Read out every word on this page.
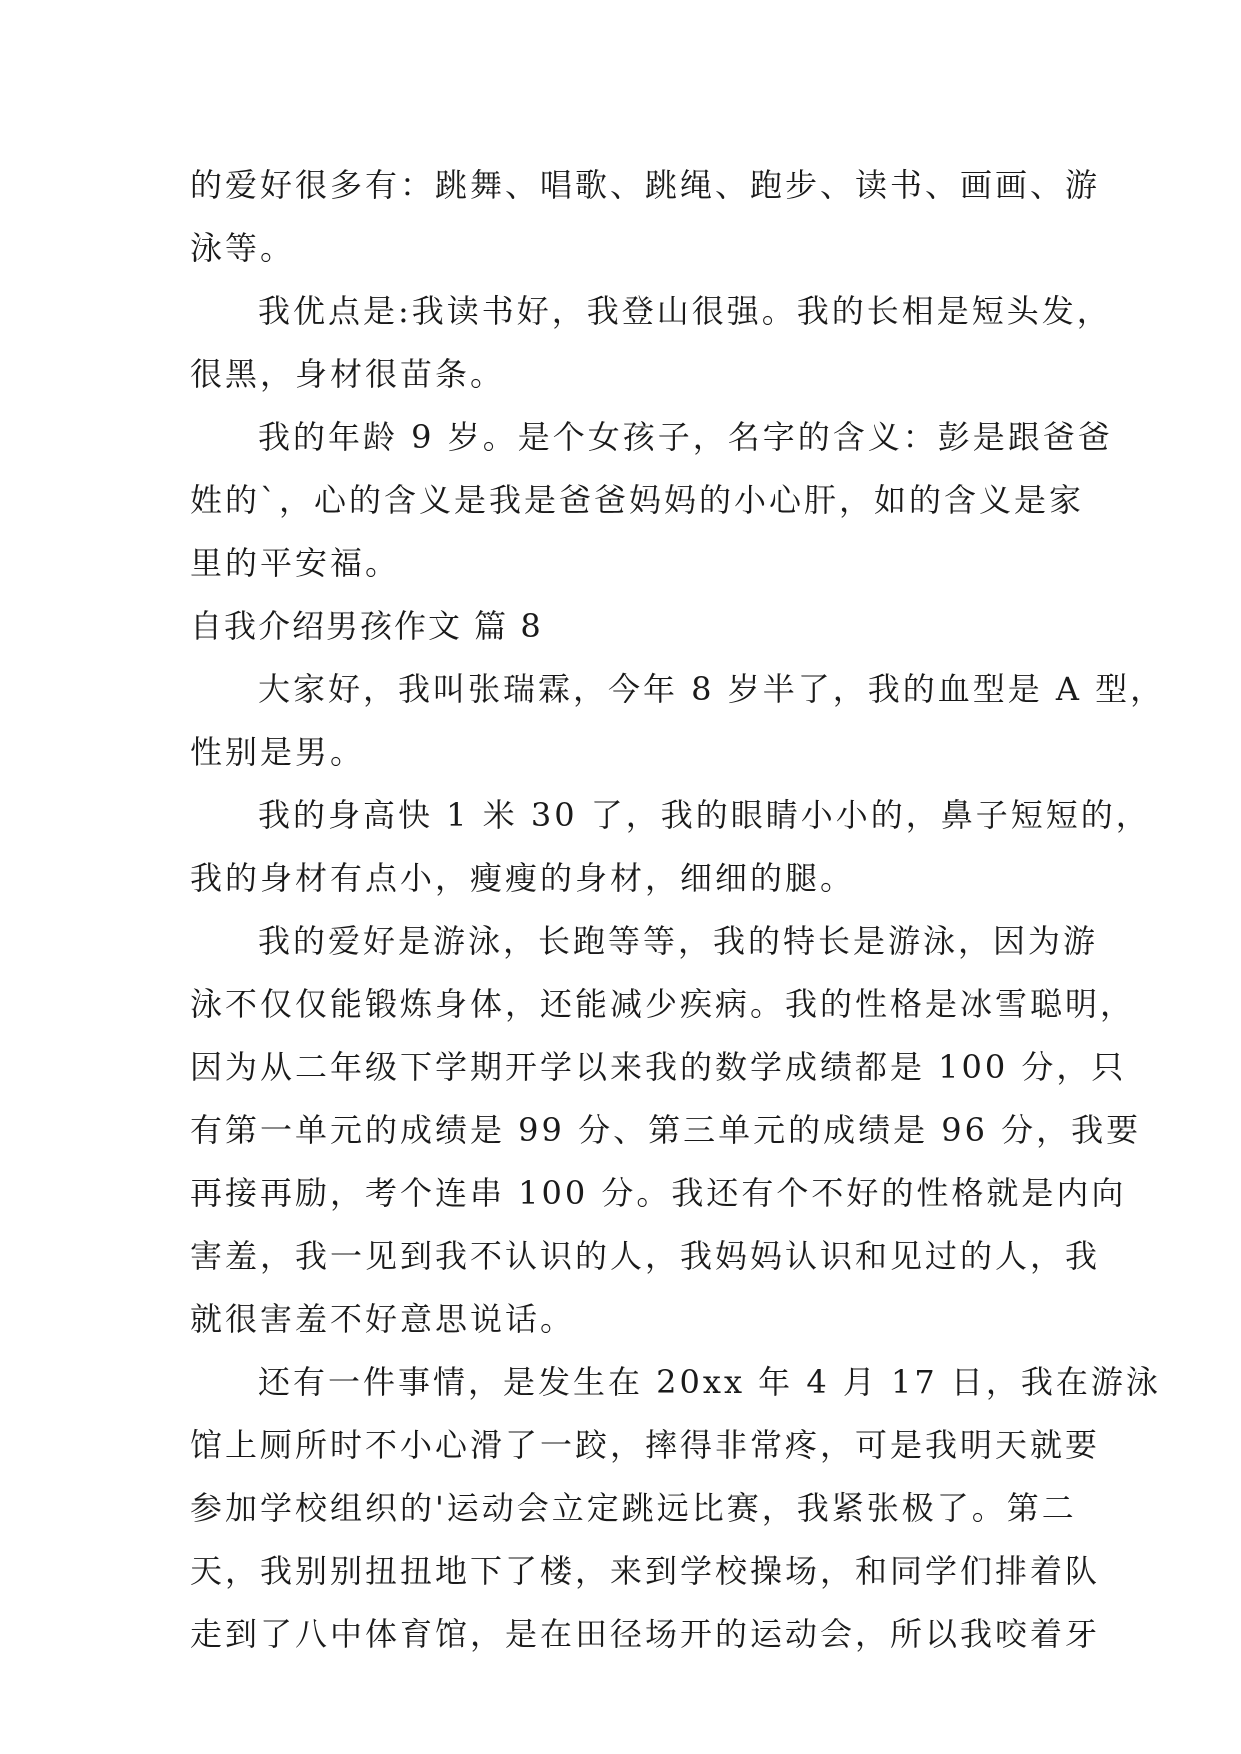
的爱好很多有：跳舞、唱歌、跳绳、跑步、读书、画画、游
泳等。
我优点是:我读书好，我登山很强。我的长相是短头发，
很黑，身材很苗条。
我的年龄 9 岁。是个女孩子，名字的含义：彭是跟爸爸
姓的`，心的含义是我是爸爸妈妈的小心肝，如的含义是家
里的平安福。
自我介绍男孩作文 篇 8
大家好，我叫张瑞霖，今年 8 岁半了，我的血型是 A 型，
性别是男。
我的身高快 1 米 30 了，我的眼睛小小的，鼻子短短的，
我的身材有点小，瘦瘦的身材，细细的腿。
我的爱好是游泳，长跑等等，我的特长是游泳，因为游
泳不仅仅能锻炼身体，还能减少疾病。我的性格是冰雪聪明，
因为从二年级下学期开学以来我的数学成绩都是 100 分，只
有第一单元的成绩是 99 分、第三单元的成绩是 96 分，我要
再接再励，考个连串 100 分。我还有个不好的性格就是内向
害羞，我一见到我不认识的人，我妈妈认识和见过的人，我
就很害羞不好意思说话。
还有一件事情，是发生在 20xx 年 4 月 17 日，我在游泳
馆上厕所时不小心滑了一跤，摔得非常疼，可是我明天就要
参加学校组织的'运动会立定跳远比赛，我紧张极了。第二
天，我别别扭扭地下了楼，来到学校操场，和同学们排着队
走到了八中体育馆，是在田径场开的运动会，所以我咬着牙
